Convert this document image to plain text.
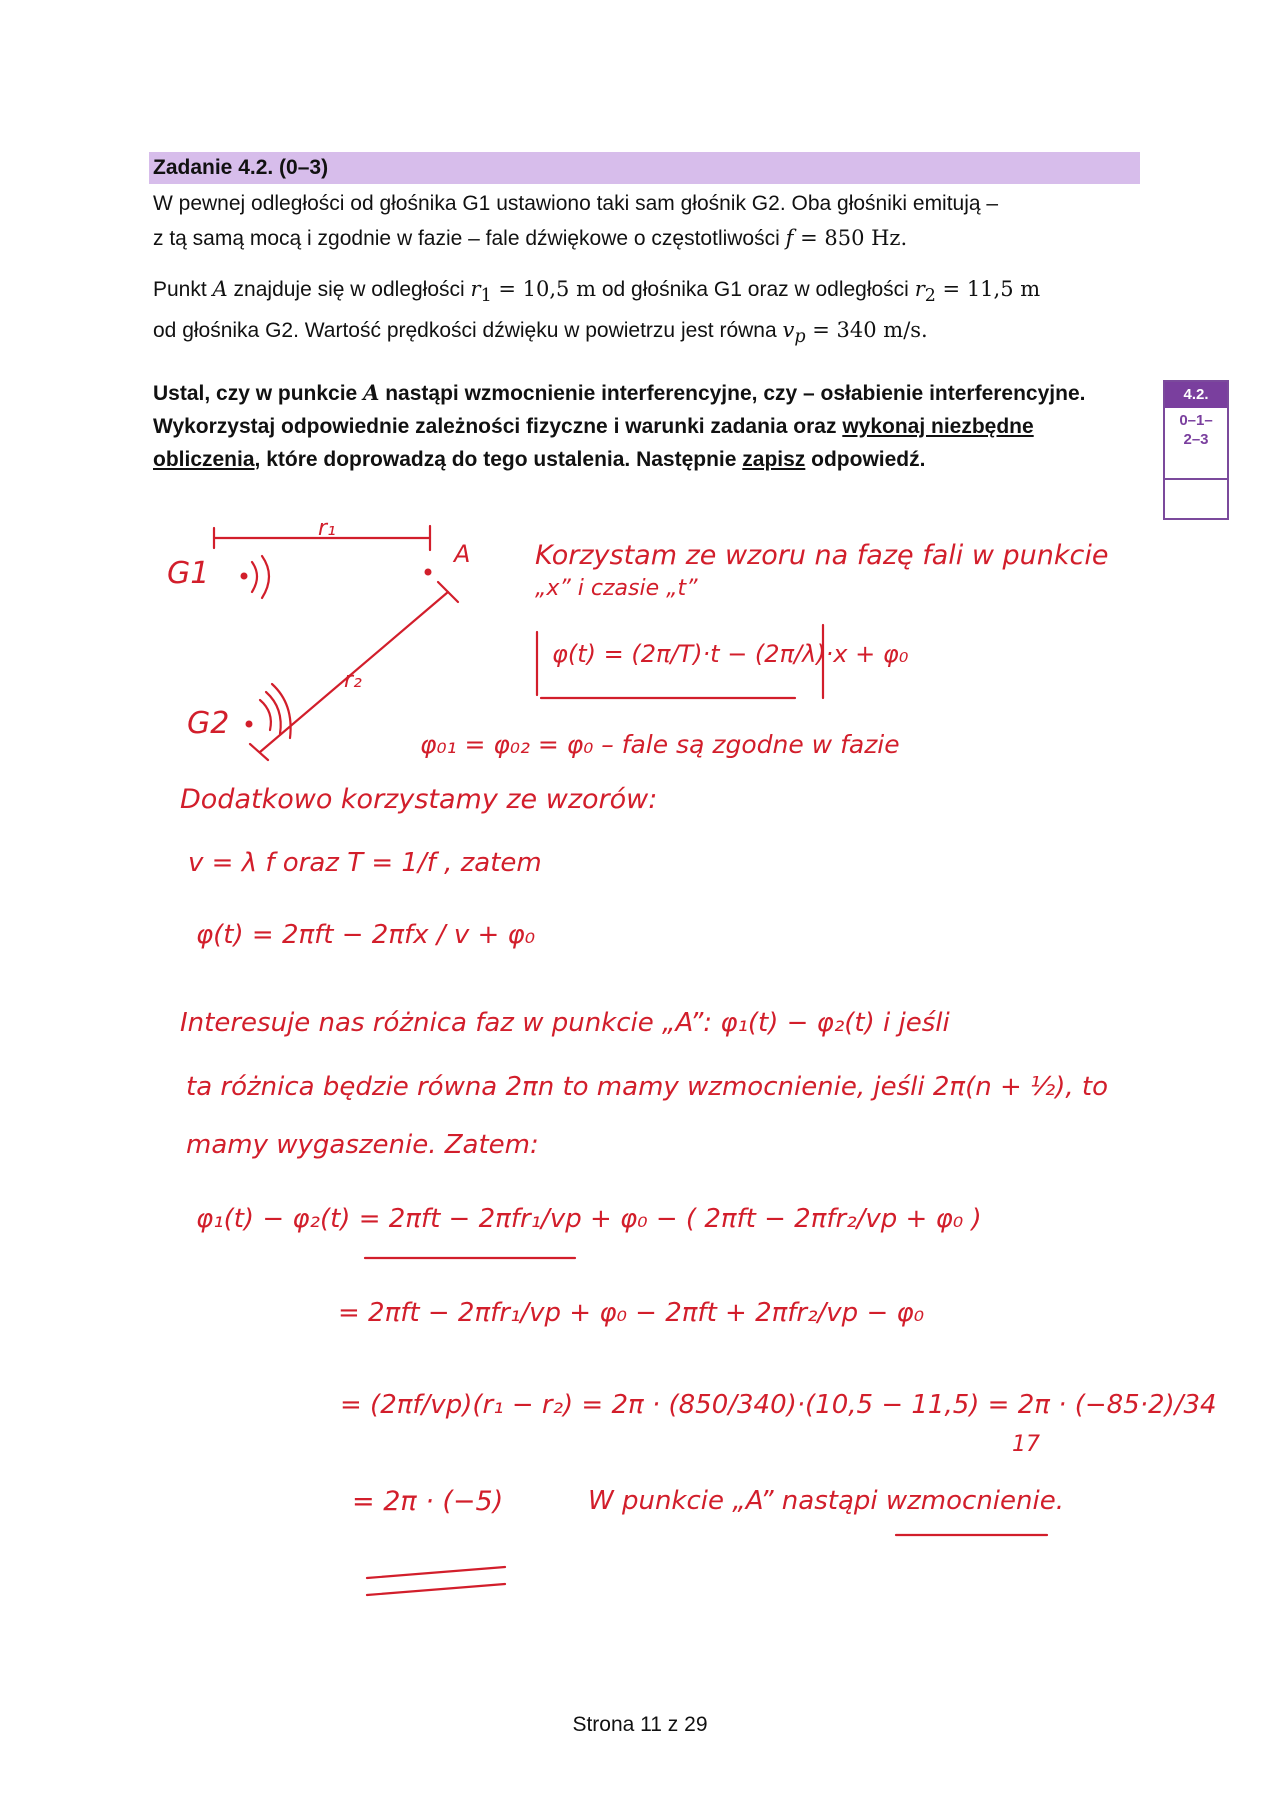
Zadanie 4.2. (0–3)
W pewnej odległości od głośnika G1 ustawiono taki sam głośnik G2. Oba głośniki emitują –
z tą samą mocą i zgodnie w fazie – fale dźwiękowe o częstotliwości f = 850 Hz.
Punkt A znajduje się w odległości $r_1 = 10,5$ m od głośnika G1 oraz w odległości $r_2 = 11,5$ m
od głośnika G2. Wartość prędkości dźwięku w powietrzu jest równa $v_p = 340$ m/s.
Ustal, czy w punkcie A nastąpi wzmocnienie interferencyjne, czy – osłabienie interferencyjne. Wykorzystaj odpowiednie zależności fizyczne i warunki zadania oraz wykonaj niezbędne obliczenia, które doprowadzą do tego ustalenia. Następnie zapisz odpowiedź.
4.2.
0–1–
2–3
G1
r₁
A
r₂
G2
Korzystam ze wzoru na fazę fali w punkcie
„x” i czasie „t”
φ(t) = (2π/T)·t − (2π/λ)·x + φ₀
φ₀₁ = φ₀₂ = φ₀ – fale są zgodne w fazie
Dodatkowo korzystamy ze wzorów:
v = λ f oraz T = 1/f , zatem
φ(t) = 2πft − 2πfx / v + φ₀
Interesuje nas różnica faz w punkcie „A”: φ₁(t) − φ₂(t) i jeśli
ta różnica będzie równa 2πn to mamy wzmocnienie, jeśli 2π(n + ½), to
mamy wygaszenie. Zatem:
φ₁(t) − φ₂(t) = 2πft − 2πfr₁/vp + φ₀ − ( 2πft − 2πfr₂/vp + φ₀ )
= 2πft − 2πfr₁/vp + φ₀ − 2πft + 2πfr₂/vp − φ₀
= (2πf/vp)(r₁ − r₂) = 2π · (850/340)·(10,5 − 11,5) = 2π · (−85·2)/34
17
= 2π · (−5)	W punkcie „A” nastąpi wzmocnienie.
Strona 11 z 29
